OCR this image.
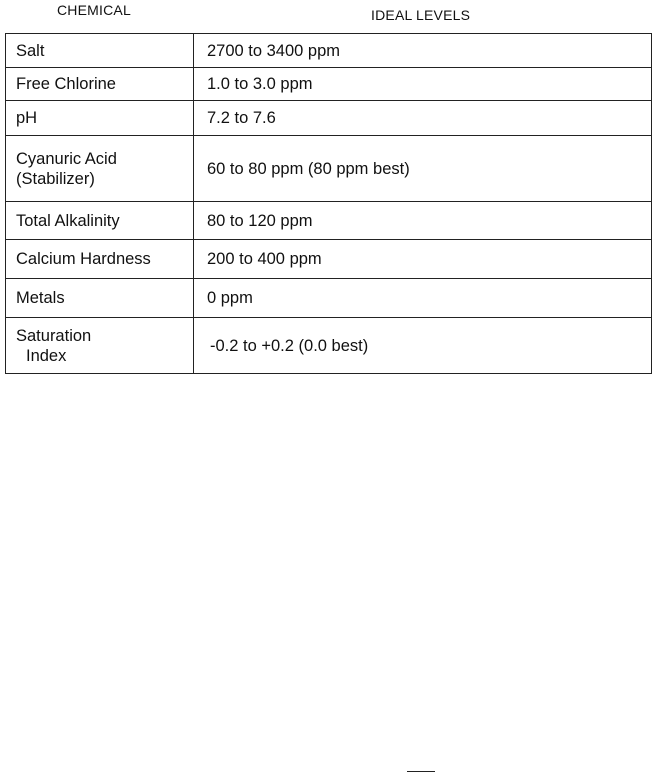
CHEMICAL	IDEAL LEVELS
Salt	2700 to 3400 ppm
Free Chlorine	1.0 to 3.0 ppm
pH	7.2 to 7.6

Cyanuric Acid
(Stabilizer)	60 to 80 ppm (80 ppm best)
Total Alkalinity	80 to 120 ppm
Calcium Hardness	200 to 400 ppm
Metals	0 ppm

Saturation
Index	-0.2 to +0.2 (0.0 best)
